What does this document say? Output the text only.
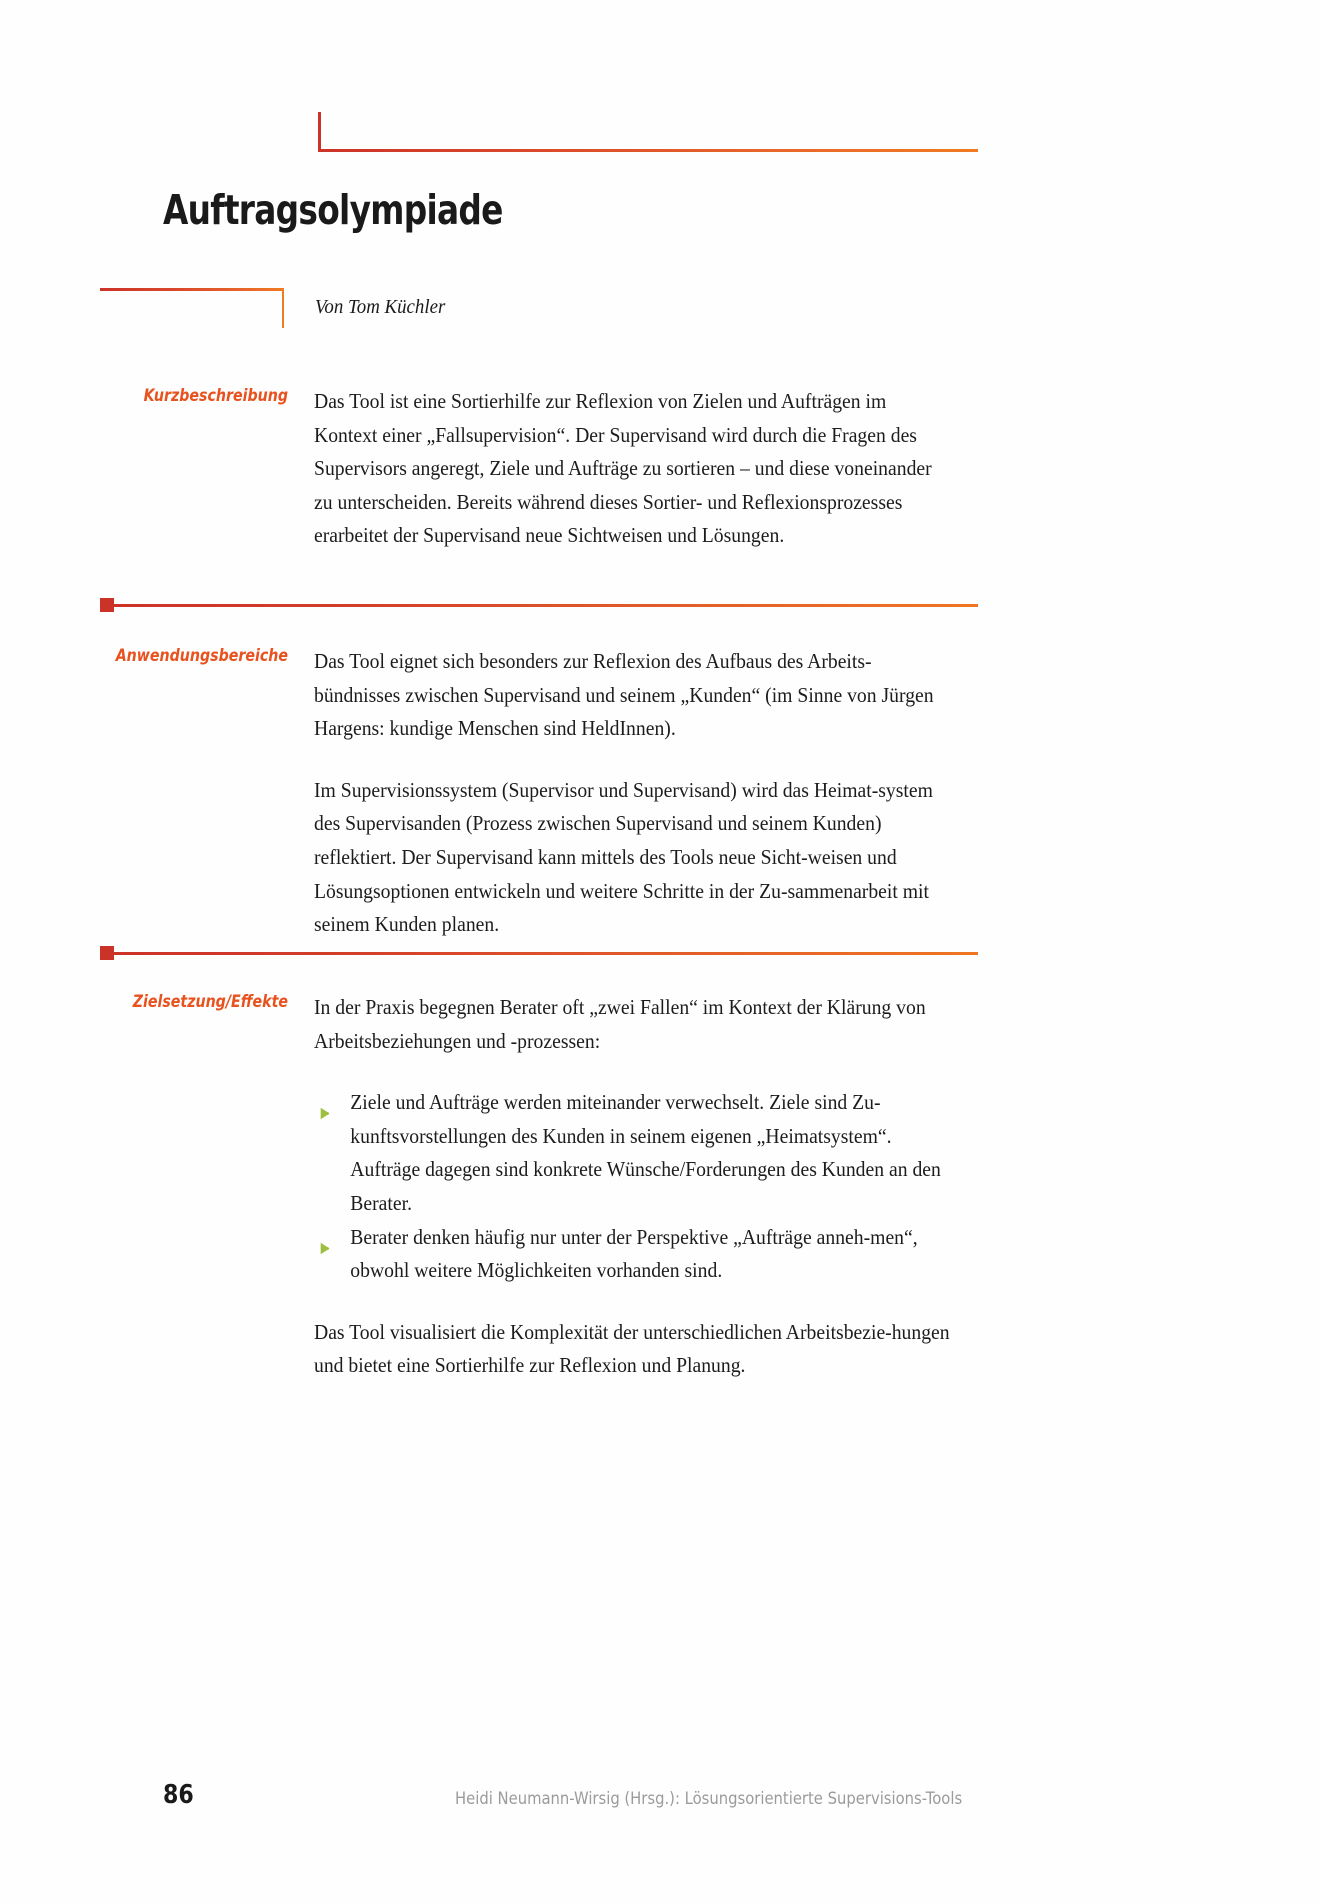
Auftragsolympiade
Von Tom Küchler
Kurzbeschreibung Das Tool ist eine Sortierhilfe zur Reflexion von Zielen und Aufträgen im Kontext einer „Fallsupervision“. Der Supervisand wird durch die Fragen des Supervisors angeregt, Ziele und Aufträge zu sortieren – und diese voneinander zu unterscheiden. Bereits während dieses Sortier- und Reflexionsprozesses erarbeitet der Supervisand neue Sichtweisen und Lösungen.

Anwendungsbereiche Das Tool eignet sich besonders zur Reflexion des Aufbaus des Arbeits-bündnisses zwischen Supervisand und seinem „Kunden“ (im Sinne von Jürgen Hargens: kundige Menschen sind HeldInnen).

Im Supervisionssystem (Supervisor und Supervisand) wird das Heimat-system des Supervisanden (Prozess zwischen Supervisand und seinem Kunden) reflektiert. Der Supervisand kann mittels des Tools neue Sicht-weisen und Lösungsoptionen entwickeln und weitere Schritte in der Zu-sammenarbeit mit seinem Kunden planen.

Zielsetzung/Effekte In der Praxis begegnen Berater oft „zwei Fallen“ im Kontext der Klärung von Arbeitsbeziehungen und -prozessen:

Ziele und Aufträge werden miteinander verwechselt. Ziele sind Zu-kunftsvorstellungen des Kunden in seinem eigenen „Heimatsystem“. Aufträge dagegen sind konkrete Wünsche/Forderungen des Kunden an den Berater.
Berater denken häufig nur unter der Perspektive „Aufträge anneh-men“, obwohl weitere Möglichkeiten vorhanden sind.

Das Tool visualisiert die Komplexität der unterschiedlichen Arbeitsbezie-hungen und bietet eine Sortierhilfe zur Reflexion und Planung.

86	Heidi Neumann-Wirsig (Hrsg.): Lösungsorientierte Supervisions-Tools
